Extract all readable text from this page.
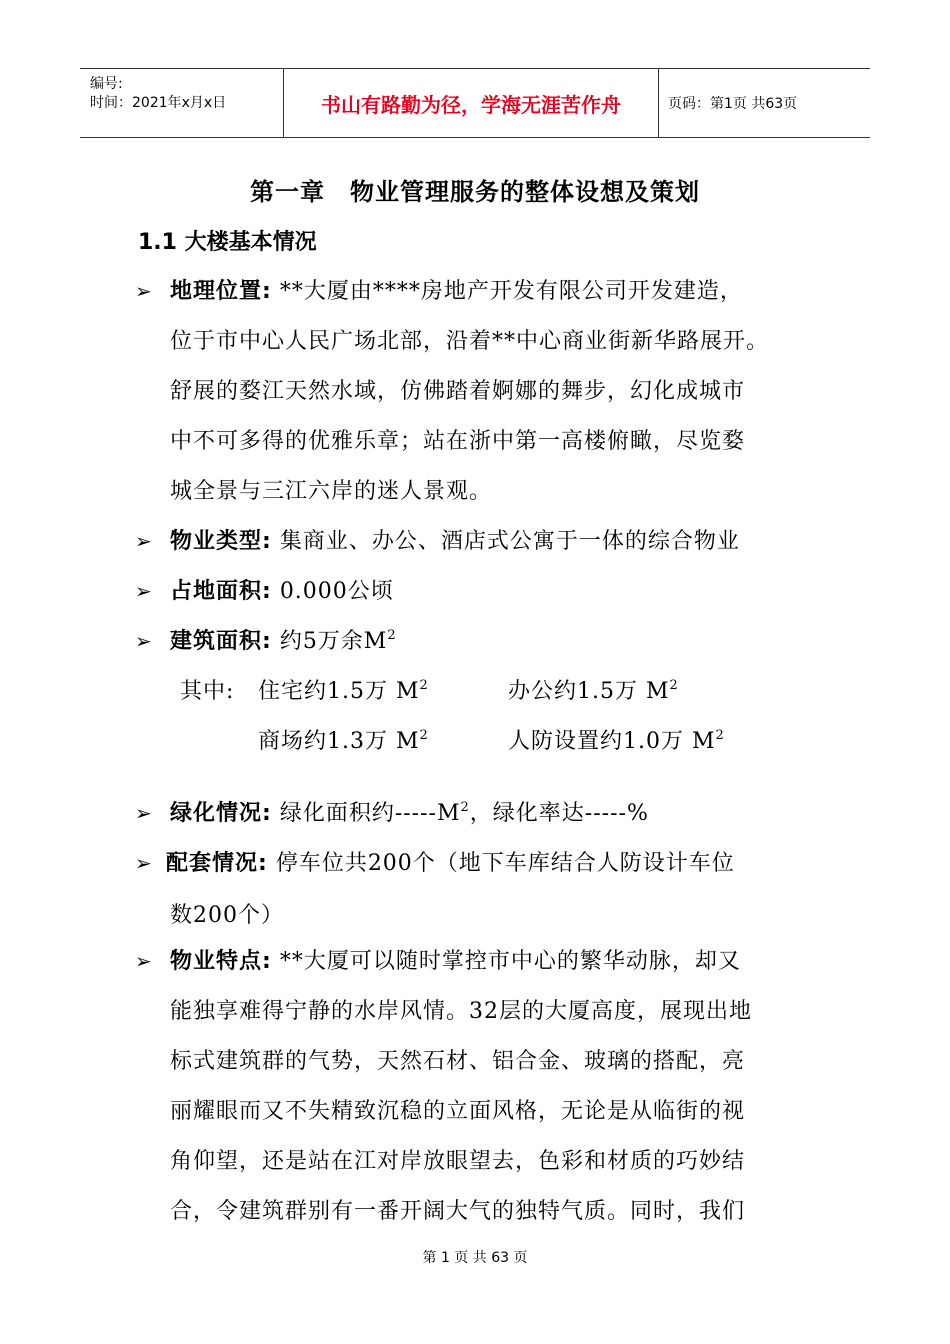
编号:
时间：2021年x月x日	书山有路勤为径，学海无涯苦作舟	页码：第1页 共63页
第一章　物业管理服务的整体设想及策划
1.1 大楼基本情况
➢ 地理位置: **大厦由****房地产开发有限公司开发建造，
位于市中心人民广场北部，沿着**中心商业街新华路展开。
舒展的婺江天然水域，仿佛踏着婀娜的舞步，幻化成城市
中不可多得的优雅乐章；站在浙中第一高楼俯瞰，尽览婺
城全景与三江六岸的迷人景观。
➢ 物业类型: 集商业、办公、酒店式公寓于一体的综合物业
➢ 占地面积: 0.000公顷
➢ 建筑面积: 约5万余$M^2$
其中: 住宅约1.5万 $M^2$	办公约1.5万 $M^2$
商场约1.3万 $M^2$	人防设置约1.0万 $M^2$
➢ 绿化情况: 绿化面积约$-----M^2$，绿化率达-----%
➢ 配套情况: 停车位共200个（地下车库结合人防设计车位
数200个）
➢ 物业特点: **大厦可以随时掌控市中心的繁华动脉，却又
能独享难得宁静的水岸风情。32层的大厦高度，展现出地
标式建筑群的气势，天然石材、铝合金、玻璃的搭配，亮
丽耀眼而又不失精致沉稳的立面风格，无论是从临街的视
角仰望，还是站在江对岸放眼望去，色彩和材质的巧妙结
合，令建筑群别有一番开阔大气的独特气质。同时，我们
第 1 页 共 63 页
